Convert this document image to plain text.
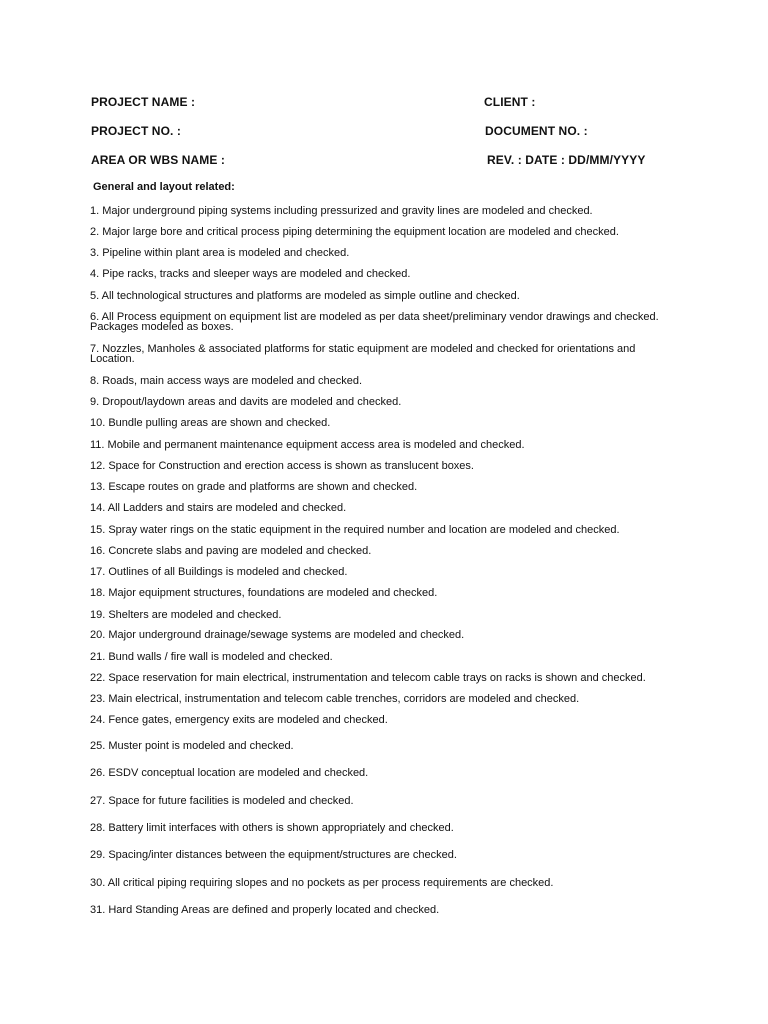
PROJECT NAME :	CLIENT :
PROJECT NO. :	DOCUMENT NO. :
AREA OR WBS NAME :	REV. : DATE : DD/MM/YYYY
General and layout related:
1. Major underground piping systems including pressurized and gravity lines are modeled and checked.
2. Major large bore and critical process piping determining the equipment location are modeled and checked.
3. Pipeline within plant area is modeled and checked.
4. Pipe racks, tracks and sleeper ways are modeled and checked.
5. All technological structures and platforms are modeled as simple outline and checked.
6. All Process equipment on equipment list are modeled as per data sheet/preliminary vendor drawings and checked. Packages modeled as boxes.
7. Nozzles, Manholes & associated platforms for static equipment are modeled and checked for orientations and Location.
8. Roads, main access ways are modeled and checked.
9. Dropout/laydown areas and davits are modeled and checked.
10. Bundle pulling areas are shown and checked.
11. Mobile and permanent maintenance equipment access area is modeled and checked.
12. Space for Construction and erection access is shown as translucent boxes.
13. Escape routes on grade and platforms are shown and checked.
14. All Ladders and stairs are modeled and checked.
15. Spray water rings on the static equipment in the required number and location are modeled and checked.
16. Concrete slabs and paving are modeled and checked.
17. Outlines of all Buildings is modeled and checked.
18. Major equipment structures, foundations are modeled and checked.
19. Shelters are modeled and checked.
20. Major underground drainage/sewage systems are modeled and checked.
21. Bund walls / fire wall is modeled and checked.
22. Space reservation for main electrical, instrumentation and telecom cable trays on racks is shown and checked.
23. Main electrical, instrumentation and telecom cable trenches, corridors are modeled and checked.
24. Fence gates, emergency exits are modeled and checked.
25. Muster point is modeled and checked.
26. ESDV conceptual location are modeled and checked.
27. Space for future facilities is modeled and checked.
28. Battery limit interfaces with others is shown appropriately and checked.
29. Spacing/inter distances between the equipment/structures are checked.
30. All critical piping requiring slopes and no pockets as per process requirements are checked.
31. Hard Standing Areas are defined and properly located and checked.
